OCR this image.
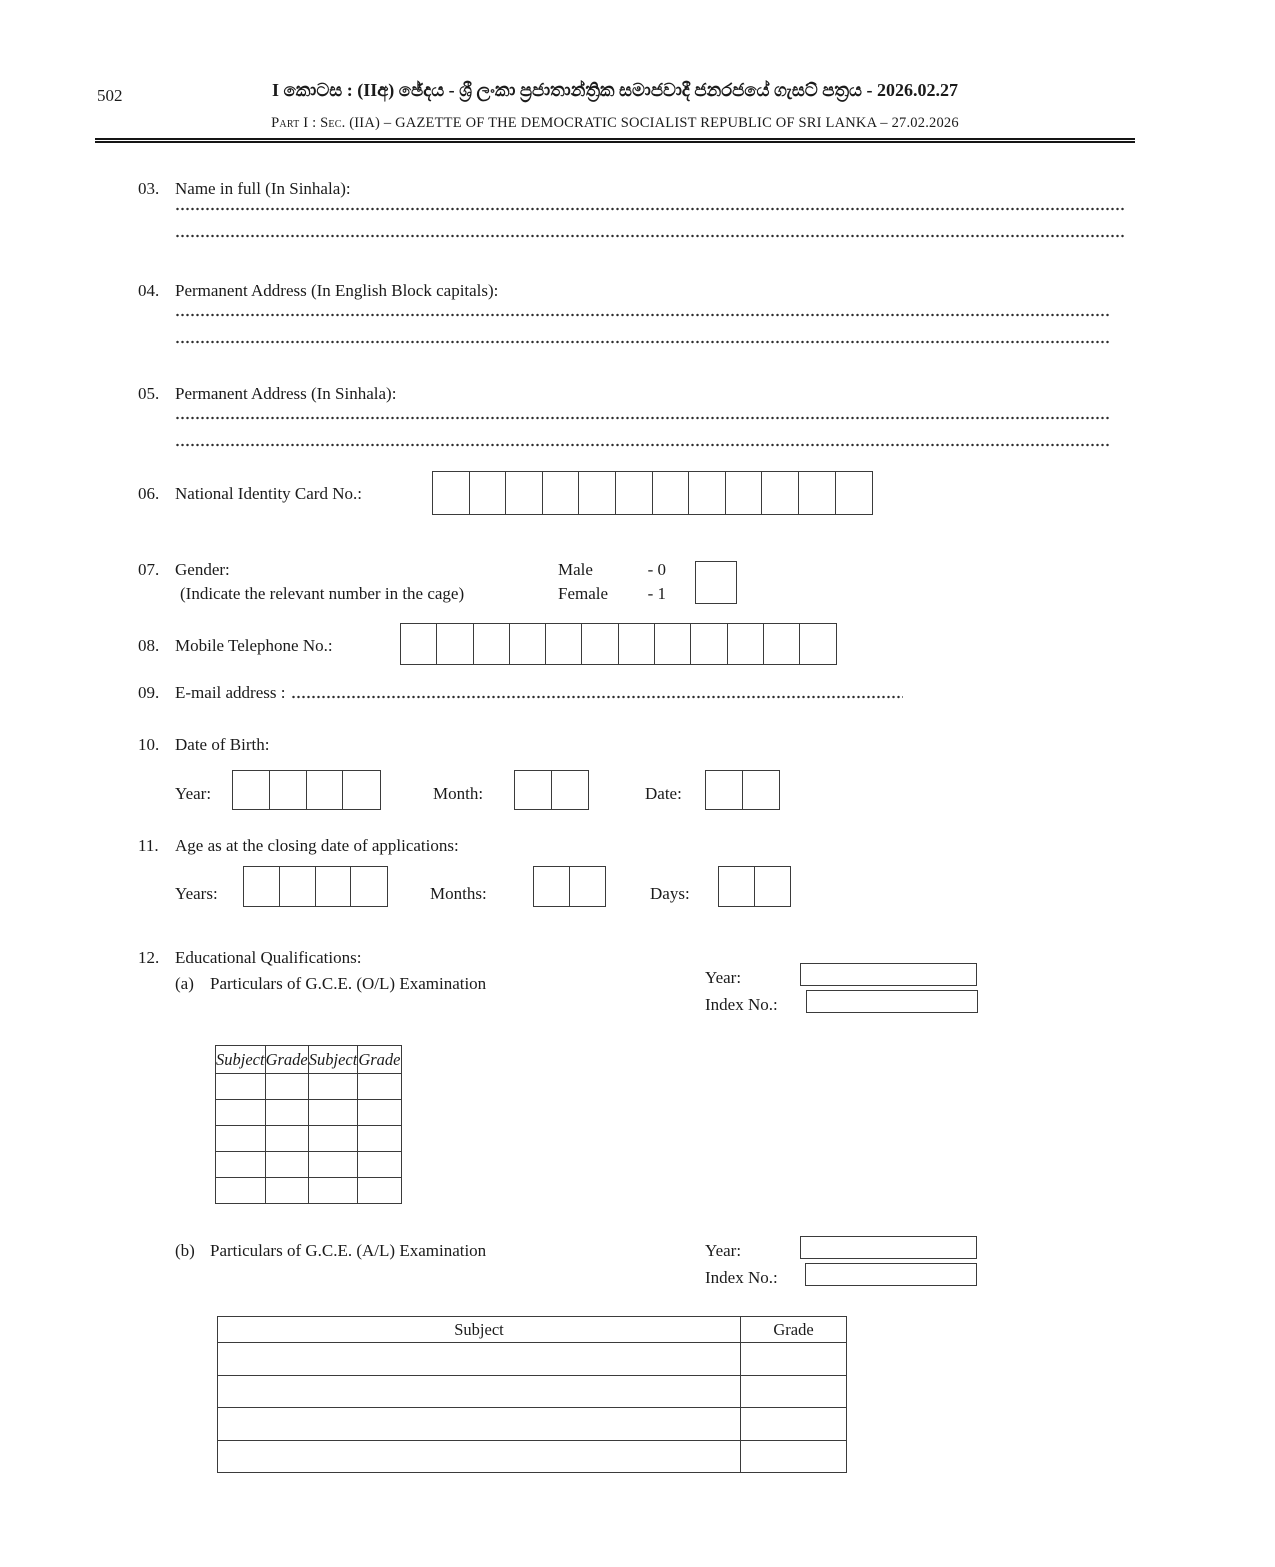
502	I කොටස : (IIඅ) ඡේදය - ශ්‍රී ලංකා ප්‍රජාතාන්ත්‍රික සමාජවාදී ජනරජයේ ගැසට් පත්‍රය - 2026.02.27
Part I : Sec. (IIA) – GAZETTE OF THE DEMOCRATIC SOCIALIST REPUBLIC OF SRI LANKA – 27.02.2026
03. Name in full (In Sinhala):
04. Permanent Address (In English Block capitals):
05. Permanent Address (In Sinhala):
06. National Identity Card No.:
07. Gender:
(Indicate the relevant number in the cage)
Male	- 0
Female - 1
08. Mobile Telephone No.:
09. E-mail address :
10. Date of Birth:
Year:	Month:	Date:
11. Age as at the closing date of applications:
Years:	Months:	Days:
12. Educational Qualifications:
(a) Particulars of G.C.E. (O/L) Examination	Year:
Index No.:
Subject	Grade	Subject	Grade

(b) Particulars of G.C.E. (A/L) Examination	Year:
Index No.:
Subject	Grade
